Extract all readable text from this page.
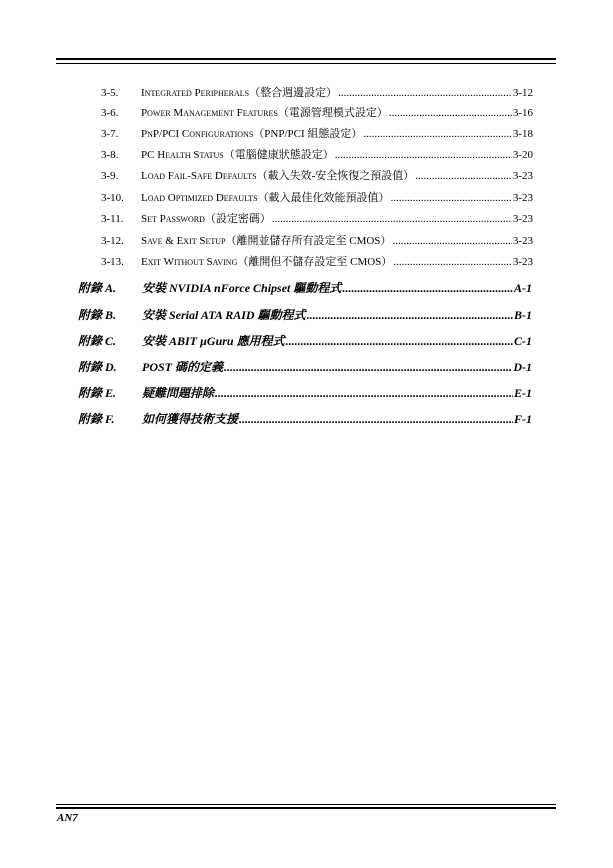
3-5.	Integrated Peripherals（整合週邊設定） .....	3-12
3-6.	Power Management Features（電源管理模式設定） .....	3-16
3-7.	PnP/PCI Configurations（PNP/PCI 組態設定） .....	3-18
3-8.	PC Health Status（電腦健康狀態設定） .....	3-20
3-9.	Load Fail-Safe Defaults（載入失效-安全恢復之預設值） .....	3-23
3-10.	Load Optimized Defaults（載入最佳化效能預設值） .....	3-23
3-11.	Set Password（設定密碼） .....	3-23
3-12.	Save & Exit Setup（離開並儲存所有設定至 CMOS） .....	3-23
3-13.	Exit Without Saving（離開但不儲存設定至 CMOS） .....	3-23
附錄 A.	安裝 NVIDIA nForce Chipset 驅動程式 .....	A-1
附錄 B.	安裝 Serial ATA RAID 驅動程式 .....	B-1
附錄 C.	安裝 ABIT µGuru 應用程式 .....	C-1
附錄 D.	POST 碼的定義 .....	D-1
附錄 E.	疑難問題排除 .....	E-1
附錄 F.	如何獲得技術支援 .....	F-1
AN7
